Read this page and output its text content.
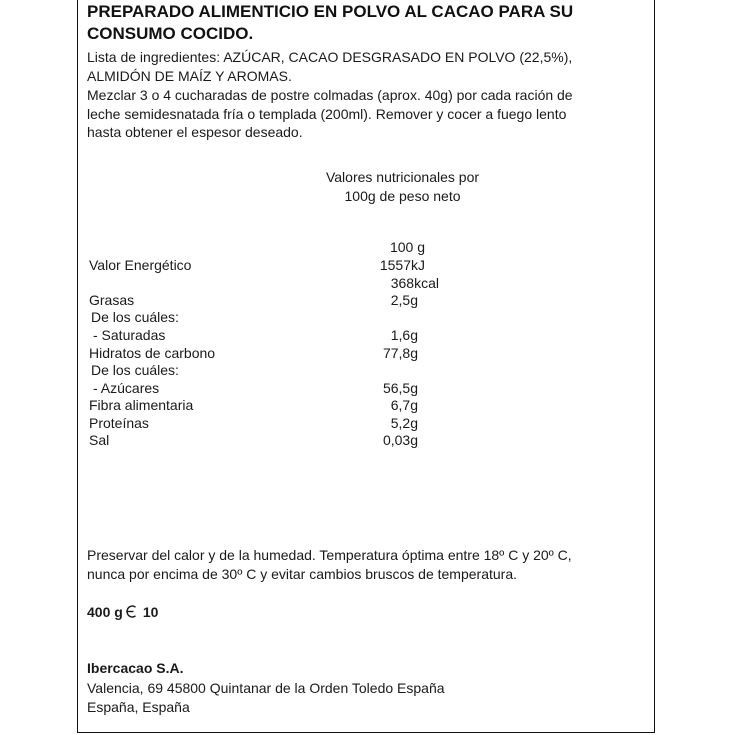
PREPARADO ALIMENTICIO EN POLVO AL CACAO PARA SU
CONSUMO COCIDO.
Lista de ingredientes: AZÚCAR, CACAO DESGRASADO EN POLVO (22,5%),
ALMIDÓN DE MAÍZ Y AROMAS.
Mezclar 3 o 4 cucharadas de postre colmadas (aprox. 40g) por cada ración de
leche semidesnatada fría o templada (200ml). Remover y cocer a fuego lento
hasta obtener el espesor deseado.
Valores nutricionales por
100g de peso neto
100 g
Valor Energético	1557kJ
368kcal
Grasas	2,5g
De los cuáles:
- Saturadas	1,6g
Hidratos de carbono	77,8g
De los cuáles:
- Azúcares	56,5g
Fibra alimentaria	6,7g
Proteínas	5,2g
Sal	0,03g
Preservar del calor y de la humedad. Temperatura óptima entre 18º C y 20º C,
nunca por encima de 30º C y evitar cambios bruscos de temperatura.
400 g 10
Ibercacao S.A.
Valencia, 69 45800 Quintanar de la Orden Toledo España
España, España
